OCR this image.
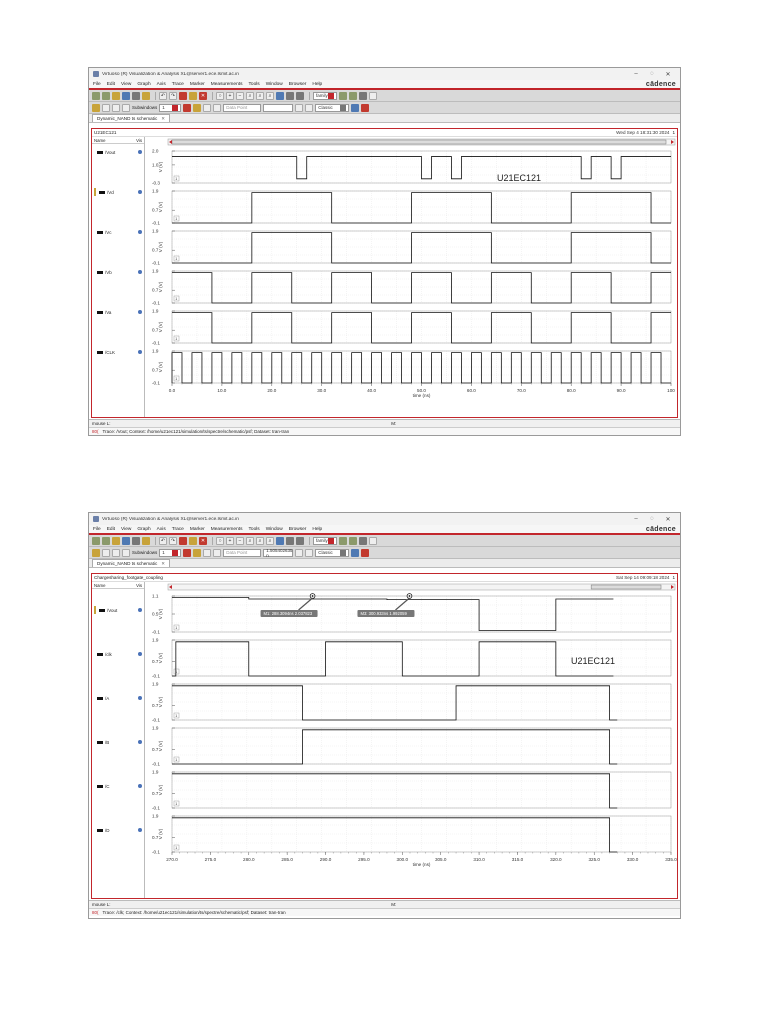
Virtuoso (R) Visualization & Analysis XL@server1.ece.lsmit.ac.in	–	◌	✕
File Edit View Graph Axis Trace Marker Measurements Tools Window Browser Help	cādence
↶	↷	✕	○	+	−	⌕	⌕	⌕	family
Subwindows 1	Data Point	Classic
Dynamic_NAND ts schematic ✕
U21EC121	Wed Sep 4 18:31:30 2024 1
Name	Vis
/Vout
/Vd
/Vc
/Vb
/Va
/CLK
2.0
1.0
-0.3
V (V)
1
1.9
0.7
-0.1
V (V)
1
1.9
0.7
-0.1
V (V)
1
1.9
0.7
-0.1
V (V)
1
1.9
0.7
-0.1
V (V)
1
1.9
0.7
-0.1
V (V)
1
0.0	10.0	20.0	30.0	40.0	50.0	60.0	70.0	80.0	90.0	100
time (ns)
U21EC121
mouse L:	M:
80( Trace: /Vout; Context: /home/u21ec121/simulation/ts/spectre/schematic/psf; Dataset: tran-tran
Virtuoso (R) Visualization & Analysis XL@server1.ece.lsmit.ac.in	–	◌	✕
File Edit View Graph Axis Trace Marker Measurements Tools Window Browser Help	cādence
↶	↷	✕	○	+	−	⌕	⌕	⌕	family
Subwindows 1	Data Point	1.505402635 n	Classic
Dynamic_NAND ts schematic ✕
Chargesharing_footgate_coupling	Sat Sep 14 09:09:18 2024 1
Name	Vis
/Vout
/clk
/A
/B
/C
/D
1.1
0.5
-0.1
V (V)
1
1.9
0.7
-0.1
V (V)
1
1.9
0.7
-0.1
V (V)
1
1.9
0.7
-0.1
V (V)
1
1.9
0.7
-0.1
V (V)
1
1.9
0.7
-0.1
V (V)
1
270.0	275.0	280.0	285.0	290.0	295.0	300.0	305.0	310.0	315.0	320.0	325.0	330.0	335.0
time (ns)
U21EC121
M1: 288.3094ns 2.037823	M3: 300.933ns 1.992059
mouse L:	M:
80( Trace: /clk; Context: /home/u21ec121/simulation/ts/spectre/schematic/psf; Dataset: tran-tran
